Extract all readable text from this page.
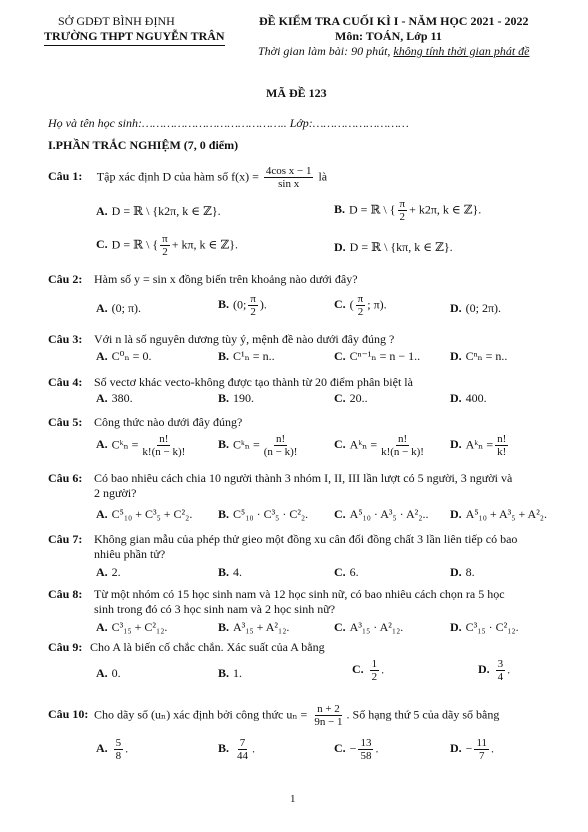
SỞ GDĐT BÌNH ĐỊNH
TRƯỜNG THPT NGUYỄN TRÂN
ĐỀ KIỂM TRA CUỐI KÌ I - NĂM HỌC 2021 - 2022
Môn: TOÁN, Lớp 11
Thời gian làm bài: 90 phút, không tính thời gian phát đề
MÃ ĐỀ 123
Họ và tên học sinh:………………………………….. Lớp:………………………
I.PHẦN TRẮC NGHIỆM (7, 0 điểm)
Câu 1: Tập xác định D của hàm số $f(x) = \frac{\text{4cos x − 1}}{\text{sin x}}$ là
A. D = ℝ \ {k2π, k ∈ ℤ}.	B. D = ℝ \ { $\frac{\pi}{2} + k2\pi$, k ∈ ℤ}.
C. D = ℝ \ { $\frac{\pi}{2} + k\pi$, k ∈ ℤ}.	D. D = ℝ \ {kπ, k ∈ ℤ}.
Câu 2: Hàm số y = sin x đồng biến trên khoảng nào dưới đây?
A. (0; π).	B. (0; $\frac{\pi}{2}$ ).	C. ( $\frac{\pi}{2}$ ; π).	D. (0; 2π).
Câu 3: Với n là số nguyên dương tùy ý, mệnh đề nào dưới đây đúng ?
A. C⁰ₙ = 0.	B. C¹ₙ = n..	C. Cⁿ⁻¹ₙ = n − 1.. D. Cⁿₙ = n..
Câu 4: Số vectơ khác vecto-không được tạo thành từ 20 điểm phân biệt là
A. 380.	B. 190.	C. 20..	D. 400.
Câu 5: Công thức nào dưới đây đúng?
A. Cᵏₙ = $\frac{n!}{k!(n - k)!}$	B. Cᵏₙ = $\frac{n!}{(n - k)!}$	C. Aᵏₙ = $\frac{n!}{k!(n - k)!} D$. Aᵏₙ = $\frac{n!}{k!}$
Câu 6: Có bao nhiêu cách chia 10 người thành 3 nhóm I, II, III lần lượt có 5 người, 3 người và
2 người?
A. C⁵₁₀ + C³₅ + C²₂. B. C⁵₁₀ · C³₅ · C²₂. C. A⁵₁₀ · A³₅ · A²₂.. D. A⁵₁₀ + A³₅ + A²₂.
Câu 7: Không gian mẫu của phép thử gieo một đồng xu cân đối đồng chất 3 lần liên tiếp có bao
nhiêu phần tử?
A. 2.	B. 4.	C. 6.	D. 8.
Câu 8: Từ một nhóm có 15 học sinh nam và 12 học sinh nữ, có bao nhiêu cách chọn ra 5 học
sinh trong đó có 3 học sinh nam và 2 học sinh nữ?
A. C³₁₅ + C²₁₂.	B. A³₁₅ + A²₁₂.	C. A³₁₅ · A²₁₂.	D. C³₁₅ · C²₁₂.
Câu 9: Cho A là biến cố chắc chắn. Xác suất của A bằng
A. 0.	B. 1.	C. $\frac{1}{2}$ .	D. $\frac{3}{4}$ .
Câu 10: Cho dãy số (uₙ) xác định bởi công thức $u_n = \frac{n + 2}{9n - 1}$ . Số hạng thứ 5 của dãy số bằng
A. $\frac{5}{8}$ .	B. $\frac{7}{44}$ .	C. − $\frac{13}{58}$ .	D. − $\frac{11}{7}$ .
1
